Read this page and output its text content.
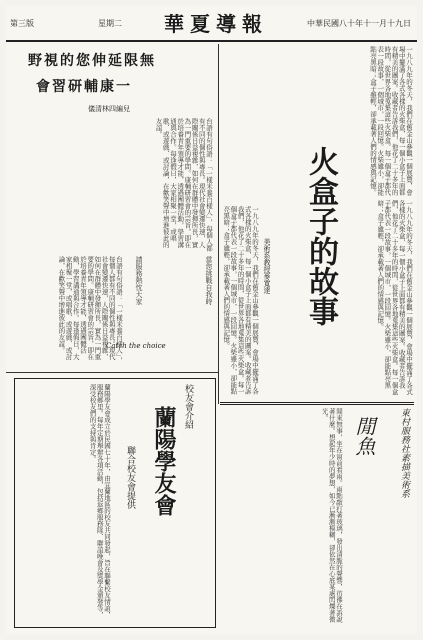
第三版	星期二	華夏導報	中華民國八十年十一月十九日
野視的您伸延限無
會習研輔康一
儀清林四編兒
台語有句俗語：「一樣米養百樣人」，每個人都有不同的個性與專長。現代社會變遷快速，人際關係日益複雜，如何在群體中發揮所長，實為一門重要的學問。康輔研習會的宗旨，即在於培養青年領導才能，透過團體活動，學習溝通與合作。每逢假日，大家相聚一堂，或唱歌、或遊戲、或討論，在歡笑聲中增進彼此的友誼。
當您挑戰自我時
請服務熱忱大家
Catch the choice
台語有句俗語：「一樣米養百樣人」，每個人都有不同的個性與專長。現代社會變遷快速，人際關係日益複雜，如何在群體中發揮所長，實為一門重要的學問。康輔研習會的宗旨，即在於培養青年領導才能，透過團體活動，學習溝通與合作。每逢假日，大家相聚一堂，或唱歌、或遊戲、或討論，在歡笑聲中增進彼此的友誼。
一九八九年的冬天，我們在舊金山參觀一個展覽，會場中擺滿了各式各樣的火柴盒，每一個小盒子上面都有精美的圖案。收藏者告訴我們，他花了二十多年的時間，從世界各地蒐集這些火柴盒。每一個盒子都代表一段故事，一個城市，一段回憶。火柴雖小，卻能點亮黑暗；盒子雖輕，卻承載著人們的情感與記憶。
火盒子的故事
美術系教授麥寬達
一九八九年的冬天，我們在舊金山參觀一個展覽，會場中擺滿了各式各樣的火柴盒，每一個小盒子上面都有精美的圖案。收藏者告訴我們，他花了二十多年的時間，從世界各地蒐集這些火柴盒。每一個盒子都代表一段故事，一個城市，一段回憶。火柴雖小，卻能點亮黑暗；盒子雖輕，卻承載著人們的情感與記憶。	一九八九年的冬天，我們在舊金山參觀一個展覽，會場中擺滿了各式各樣的火柴盒，每一個小盒子上面都有精美的圖案。收藏者告訴我們，他花了二十多年的時間，從世界各地蒐集這些火柴盒。每一個盒子都代表一段故事，一個城市，一段回憶。火柴雖小，卻能點亮黑暗；盒子雖輕，卻承載著人們的情感與記憶。
蘭陽學友會成立於民國七十年，由宜蘭地區的校友共同發起，旨在聯繫校友情誼，服務鄉里。每年定期舉辦各項活動，包括返鄉服務隊、聯誼晚會及獎學金頒發等，深受校友們的支持與肯定。	校友會介紹
蘭陽學友會
聯合校友會提供	閒來無事，坐在窗前看雨。雨點敲打著玻璃，發出清脆的聲響，彷彿在訴說著什麼。想起年少時的夢想，如今已漸漸模糊，卻依然在心底某處閃爍著微光。	東村服務社素描美術系
閒魚
